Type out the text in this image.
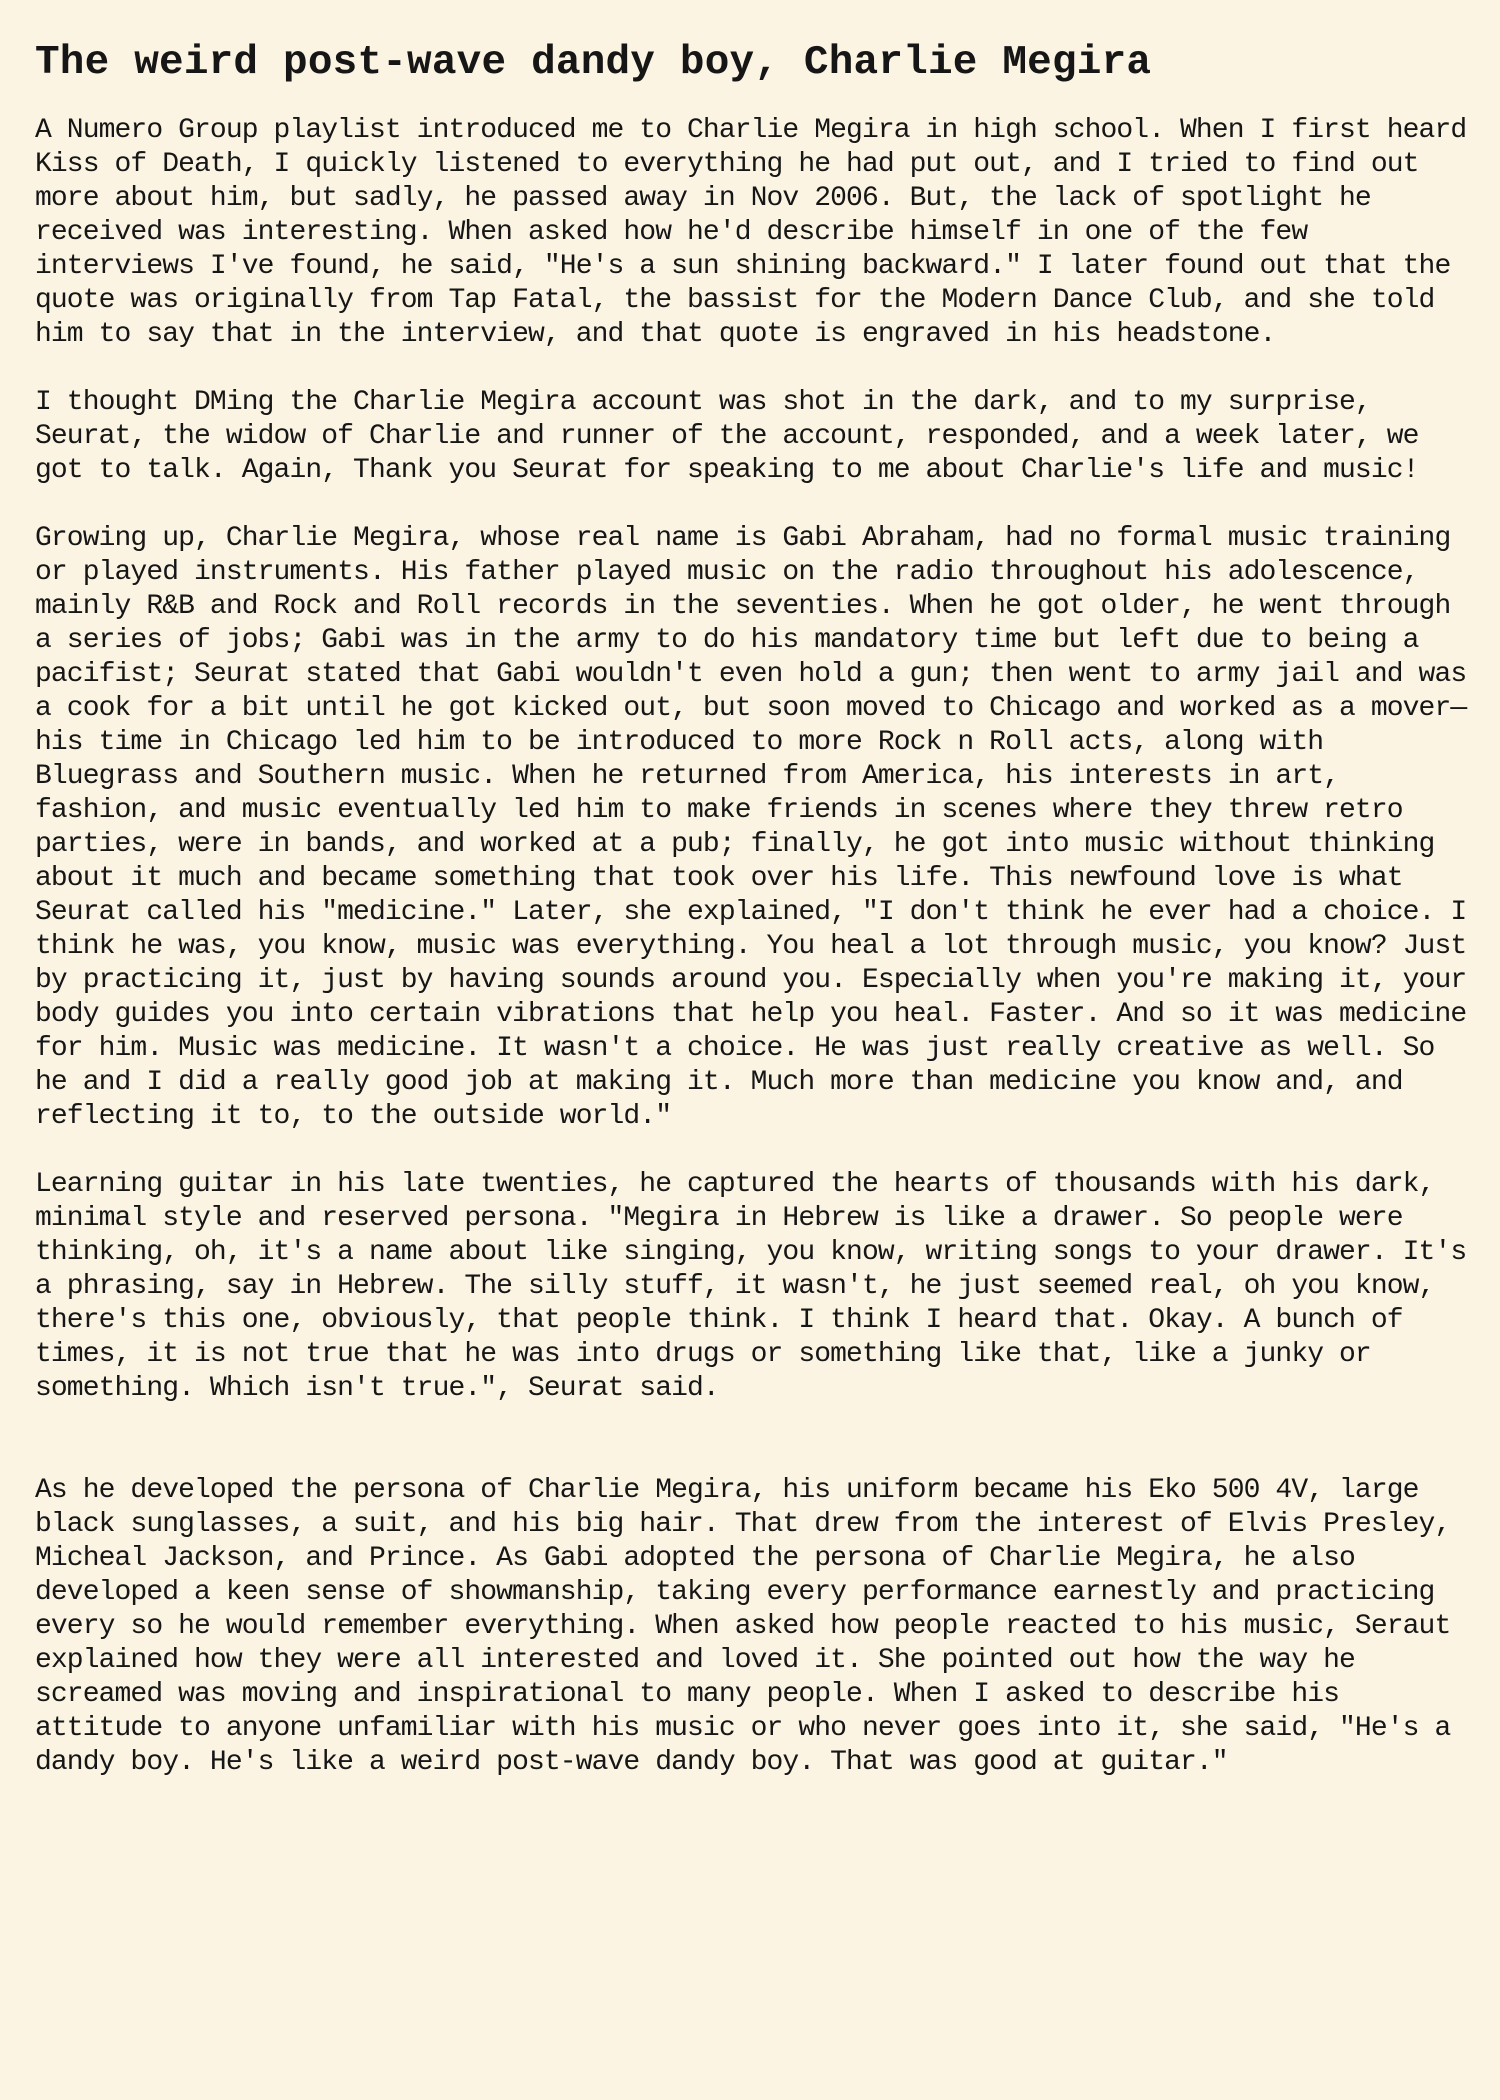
The weird post-wave dandy boy, Charlie Megira

A Numero Group playlist introduced me to Charlie Megira in high school. When I first heard Kiss of Death, I quickly listened to everything he had put out, and I tried to find out more about him, but sadly, he passed away in Nov 2006. But, the lack of spotlight he received was interesting. When asked how he'd describe himself in one of the few interviews I've found, he said, "He's a sun shining backward." I later found out that the quote was originally from Tap Fatal, the bassist for the Modern Dance Club, and she told him to say that in the interview, and that quote is engraved in his headstone.

I thought DMing the Charlie Megira account was shot in the dark, and to my surprise, Seurat, the widow of Charlie and runner of the account, responded, and a week later, we got to talk. Again, Thank you Seurat for speaking to me about Charlie's life and music!

Growing up, Charlie Megira, whose real name is Gabi Abraham, had no formal music training or played instruments. His father played music on the radio throughout his adolescence, mainly R&B and Rock and Roll records in the seventies. When he got older, he went through a series of jobs; Gabi was in the army to do his mandatory time but left due to being a pacifist; Seurat stated that Gabi wouldn't even hold a gun; then went to army jail and was a cook for a bit until he got kicked out, but soon moved to Chicago and worked as a mover—his time in Chicago led him to be introduced to more Rock n Roll acts, along with Bluegrass and Southern music. When he returned from America, his interests in art, fashion, and music eventually led him to make friends in scenes where they threw retro parties, were in bands, and worked at a pub; finally, he got into music without thinking about it much and became something that took over his life. This newfound love is what Seurat called his "medicine." Later, she explained, "I don't think he ever had a choice. I think he was, you know, music was everything. You heal a lot through music, you know? Just by practicing it, just by having sounds around you. Especially when you're making it, your body guides you into certain vibrations that help you heal. Faster. And so it was medicine for him. Music was medicine. It wasn't a choice. He was just really creative as well. So he and I did a really good job at making it. Much more than medicine you know and, and reflecting it to, to the outside world."

Learning guitar in his late twenties, he captured the hearts of thousands with his dark, minimal style and reserved persona. "Megira in Hebrew is like a drawer. So people were thinking, oh, it's a name about like singing, you know, writing songs to your drawer. It's a phrasing, say in Hebrew. The silly stuff, it wasn't, he just seemed real, oh you know, there's this one, obviously, that people think. I think I heard that. Okay. A bunch of times, it is not true that he was into drugs or something like that, like a junky or something. Which isn't true.", Seurat said.

As he developed the persona of Charlie Megira, his uniform became his Eko 500 4V, large black sunglasses, a suit, and his big hair. That drew from the interest of Elvis Presley, Micheal Jackson, and Prince. As Gabi adopted the persona of Charlie Megira, he also developed a keen sense of showmanship, taking every performance earnestly and practicing every so he would remember everything. When asked how people reacted to his music, Seraut explained how they were all interested and loved it. She pointed out how the way he screamed was moving and inspirational to many people. When I asked to describe his attitude to anyone unfamiliar with his music or who never goes into it, she said, "He's a dandy boy. He's like a weird post-wave dandy boy. That was good at guitar."
